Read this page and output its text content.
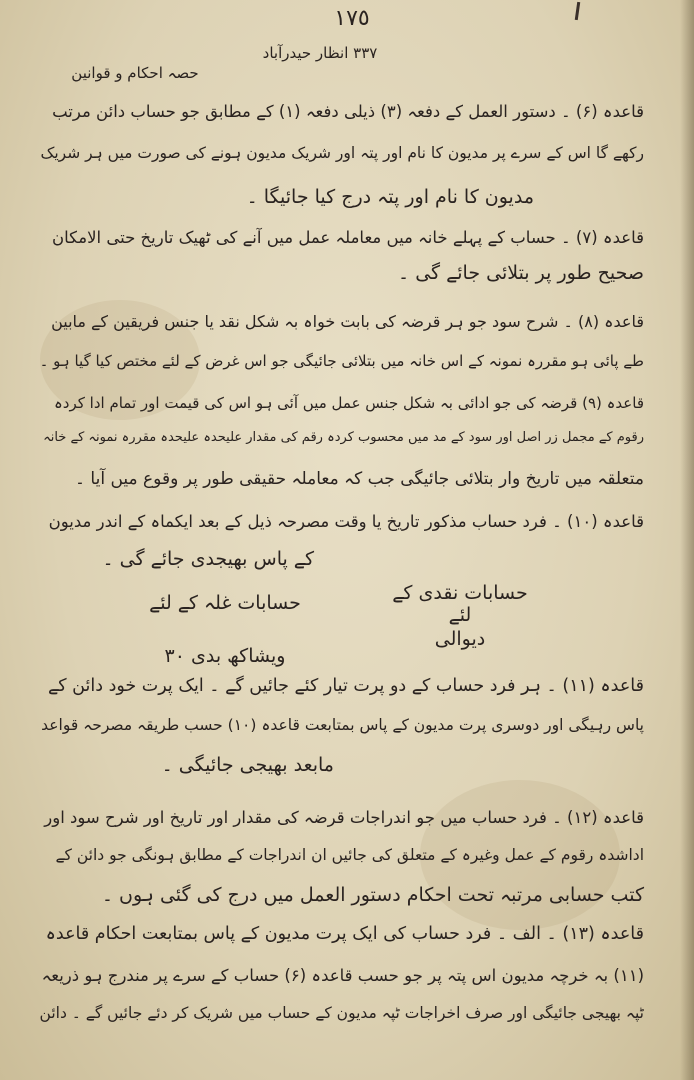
١٧٥
٣٣٧ انظار حیدرآباد
حصہ احکام و قوانین
قاعدہ (۶) ۔ دستور العمل کے دفعہ (۳) ذیلی دفعہ (۱) کے مطابق جو حساب دائن مرتب
رکھے گا اس کے سرے پر مدیون کا نام اور پتہ اور شریک مدیون ہونے کی صورت میں ہر شریک
مدیون کا نام اور پتہ درج کیا جائیگا ۔
قاعدہ (۷) ۔ حساب کے پہلے خانہ میں معاملہ عمل میں آنے کی ٹھیک تاریخ حتی الامکان
صحیح طور پر بتلائی جائے گی ۔
قاعدہ (۸) ۔ شرح سود جو ہر قرضہ کی بابت خواہ بہ شکل نقد یا جنس فریقین کے مابین
طے پائی ہو مقررہ نمونہ کے اس خانہ میں بتلائی جائیگی جو اس غرض کے لئے مختص کیا گیا ہو ۔
قاعدہ (۹) قرضہ کی جو ادائی بہ شکل جنس عمل میں آئی ہو اس کی قیمت اور تمام ادا کردہ
رقوم کے مجمل زر اصل اور سود کے مد میں محسوب کردہ رقم کی مقدار علیحدہ علیحدہ مقررہ نمونہ کے خانہ
متعلقہ میں تاریخ وار بتلائی جائیگی جب کہ معاملہ حقیقی طور پر وقوع میں آیا ۔
قاعدہ (۱۰) ۔ فرد حساب مذکور تاریخ یا وقت مصرحہ ذیل کے بعد ایکماہ کے اندر مدیون
کے پاس بھیجدی جائے گی ۔
حسابات نقدی کے لئے
حسابات غلہ کے لئے
دیوالی
ویشاکھ بدی ۳۰
قاعدہ (۱۱) ۔ ہر فرد حساب کے دو پرت تیار کئے جائیں گے ۔ ایک پرت خود دائن کے
پاس رہیگی اور دوسری پرت مدیون کے پاس بمتابعت قاعدہ (۱۰) حسب طریقہ مصرحہ قواعد
مابعد بھیجی جائیگی ۔
قاعدہ (۱۲) ۔ فرد حساب میں جو اندراجات قرضہ کی مقدار اور تاریخ اور شرح سود اور
اداشدہ رقوم کے عمل وغیرہ کے متعلق کی جائیں ان اندراجات کے مطابق ہونگی جو دائن کے
کتب حسابی مرتبہ تحت احکام دستور العمل میں درج کی گئی ہوں ۔
قاعدہ (۱۳) ۔ الف ۔ فرد حساب کی ایک پرت مدیون کے پاس بمتابعت احکام قاعدہ
(۱۱) بہ خرچہ مدیون اس پتہ پر جو حسب قاعدہ (۶) حساب کے سرے پر مندرج ہو ذریعہ
ٹپہ بھیجی جائیگی اور صرف اخراجات ٹپہ مدیون کے حساب میں شریک کر دئے جائیں گے ۔ دائن
